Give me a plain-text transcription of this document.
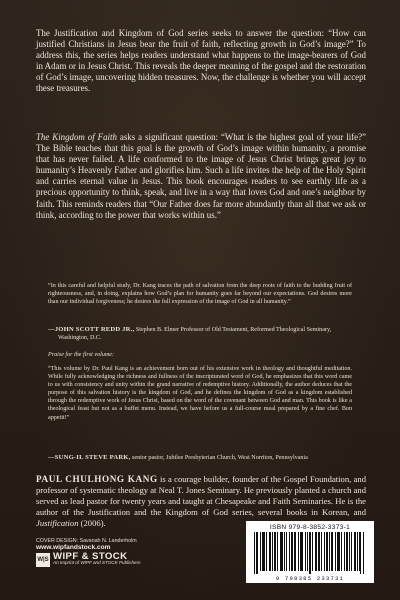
The Justification and Kingdom of God series seeks to answer the question: “How can justified Christians in Jesus bear the fruit of faith, reflecting growth in God’s image?” To address this, the series helps readers understand what happens to the image-bearers of God in Adam or in Jesus Christ. This reveals the deeper meaning of the gospel and the restoration of God’s image, uncovering hidden treasures. Now, the challenge is whether you will accept these treasures.

The Kingdom of Faith asks a significant question: “What is the highest goal of your life?” The Bible teaches that this goal is the growth of God’s image within humanity, a promise that has never failed. A life conformed to the image of Jesus Christ brings great joy to humanity’s Heavenly Father and glorifies him. Such a life invites the help of the Holy Spirit and carries eternal value in Jesus. This book encourages readers to see earthly life as a precious opportunity to think, speak, and live in a way that loves God and one’s neighbor by faith. This reminds readers that “Our Father does far more abundantly than all that we ask or think, according to the power that works within us.”

“In this careful and helpful study, Dr. Kang traces the path of salvation from the deep roots of faith to the budding fruit of righteousness, and, in doing, explains how God’s plan for humanity goes far beyond our expectations. God desires more than our individual forgiveness; he desires the full expression of the image of God in all humanity.”

—JOHN SCOTT REDD JR., Stephen B. Elmer Professor of Old Testament, Reformed Theological Seminary,
Washington, D.C.

Praise for the first volume:

“This volume by Dr. Paul Kang is an achievement born out of his extensive work in theology and thoughtful meditation. While fully acknowledging the richness and fullness of the inscripturated word of God, he emphasizes that this word came to us with consistency and unity within the grand narrative of redemptive history. Additionally, the author deduces that the purpose of this salvation history is the kingdom of God, and he defines the kingdom of God as a kingdom established through the redemptive work of Jesus Christ, based on the word of the covenant between God and man. This book is like a theological feast but not as a buffet menu. Instead, we have before us a full-course meal prepared by a fine chef. Bon appetit!”

—SUNG-IL STEVE PARK, senior pastor, Jubilee Presbyterian Church, West Norriton, Pennsylvania

PAUL CHULHONG KANG is a courage builder, founder of the Gospel Foundation, and professor of systematic theology at Neal T. Jones Seminary. He previously planted a church and served as lead pastor for twenty years and taught at Chesapeake and Faith Seminaries. He is the author of the Justification and the Kingdom of God series, several books in Korean, and Justification (2006).

COVER DESIGN: Savanah N. Landerholm
www.wipfandstock.com
W|S WIPF & STOCK
An Imprint of WIPF and STOCK Publishers
ISBN 979-8-3852-3373-1
9 798385 233731
